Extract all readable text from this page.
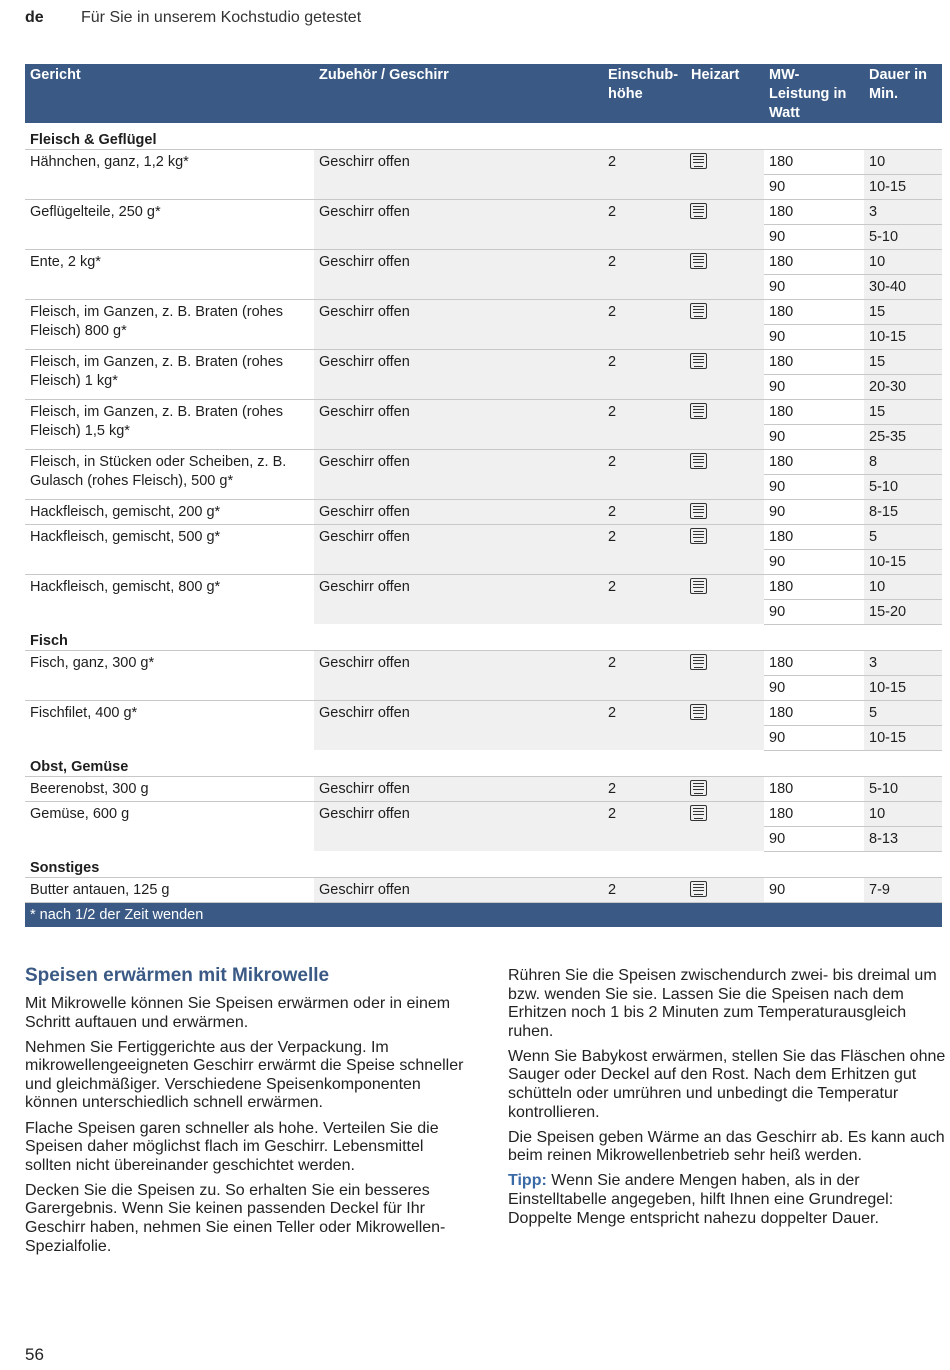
de	Für Sie in unserem Kochstudio getestet
Gericht	Zubehör / Geschirr	Einschub-höhe	Heizart	MW-Leistung in Watt	Dauer in Min.
Fleisch & Geflügel					
Hähnchen, ganz, 1,2 kg*	Geschirr offen	2		180	10
				90	10-15
Geflügelteile, 250 g*	Geschirr offen	2		180	3
				90	5-10
Ente, 2 kg*	Geschirr offen	2		180	10
				90	30-40
Fleisch, im Ganzen, z. B. Braten (rohes Fleisch) 800 g*	Geschirr offen	2		180	15
				90	10-15
Fleisch, im Ganzen, z. B. Braten (rohes Fleisch) 1 kg*	Geschirr offen	2		180	15
				90	20-30
Fleisch, im Ganzen, z. B. Braten (rohes Fleisch) 1,5 kg*	Geschirr offen	2		180	15
				90	25-35
Fleisch, in Stücken oder Scheiben, z. B. Gulasch (rohes Fleisch), 500 g*	Geschirr offen	2		180	8
				90	5-10
Hackfleisch, gemischt, 200 g*	Geschirr offen	2		90	8-15
Hackfleisch, gemischt, 500 g*	Geschirr offen	2		180	5
				90	10-15
Hackfleisch, gemischt, 800 g*	Geschirr offen	2		180	10
				90	15-20
Fisch					
Fisch, ganz, 300 g*	Geschirr offen	2		180	3
				90	10-15
Fischfilet, 400 g*	Geschirr offen	2		180	5
				90	10-15
Obst, Gemüse					
Beerenobst, 300 g	Geschirr offen	2		180	5-10
Gemüse, 600 g	Geschirr offen	2		180	10
				90	8-13
Sonstiges					
Butter antauen, 125 g	Geschirr offen	2		90	7-9
* nach 1/2 der Zeit wenden					
Speisen erwärmen mit Mikrowelle

Mit Mikrowelle können Sie Speisen erwärmen oder in einem Schritt auftauen und erwärmen.

Nehmen Sie Fertiggerichte aus der Verpackung. Im mikrowellengeeigneten Geschirr erwärmt die Speise schneller und gleichmäßiger. Verschiedene Speisenkomponenten können unterschiedlich schnell erwärmen.

Flache Speisen garen schneller als hohe. Verteilen Sie die Speisen daher möglichst flach im Geschirr. Lebensmittel sollten nicht übereinander geschichtet werden.

Decken Sie die Speisen zu. So erhalten Sie ein besseres Garergebnis. Wenn Sie keinen passenden Deckel für Ihr Geschirr haben, nehmen Sie einen Teller oder Mikrowellen-Spezialfolie.

Rühren Sie die Speisen zwischendurch zwei- bis dreimal um bzw. wenden Sie sie. Lassen Sie die Speisen nach dem Erhitzen noch 1 bis 2 Minuten zum Temperaturausgleich ruhen.

Wenn Sie Babykost erwärmen, stellen Sie das Fläschen ohne Sauger oder Deckel auf den Rost. Nach dem Erhitzen gut schütteln oder umrühren und unbedingt die Temperatur kontrollieren.

Die Speisen geben Wärme an das Geschirr ab. Es kann auch beim reinen Mikrowellenbetrieb sehr heiß werden.

Tipp: Wenn Sie andere Mengen haben, als in der Einstelltabelle angegeben, hilft Ihnen eine Grundregel: Doppelte Menge entspricht nahezu doppelter Dauer.

56
